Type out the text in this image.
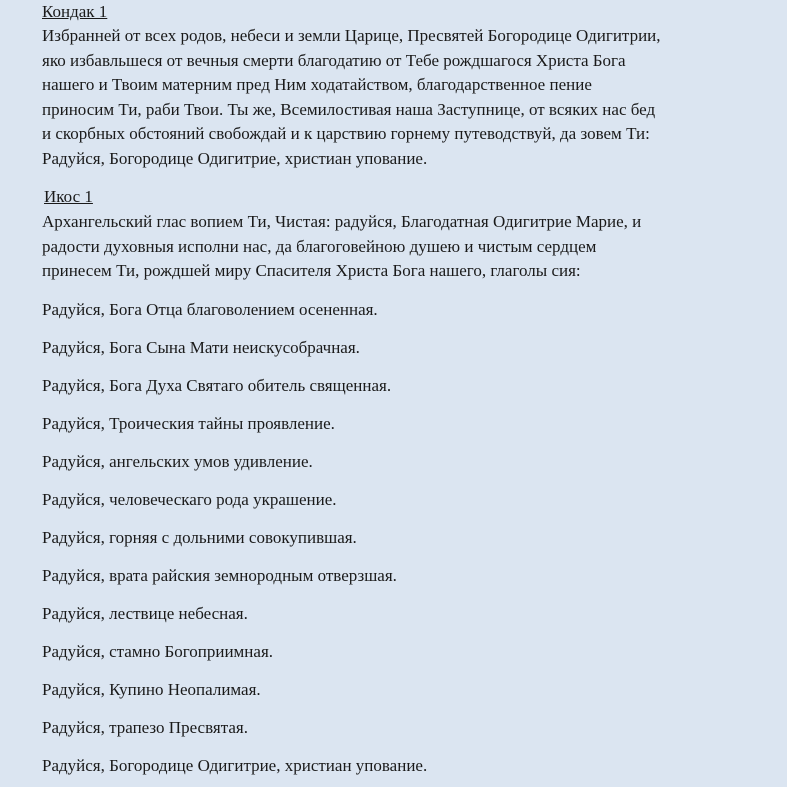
Кондак 1
Избранней от всех родов, небеси и земли Царице, Пресвятей Богородице Одигитрии,
яко избавльшеся от вечныя смерти благодатию от Тебе рождшагося Христа Бога
нашего и Твоим матерним пред Ним ходатайством, благодарственное пение
приносим Ти, раби Твои. Ты же, Всемилостивая наша Заступнице, от всяких нас бед
и скорбных обстояний свобождай и к царствию горнему путеводствуй, да зовем Ти:
Радуйся, Богородице Одигитрие, христиан упование.
Икос 1
Архангельский глас вопием Ти, Чистая: радуйся, Благодатная Одигитрие Марие, и
радости духовныя исполни нас, да благоговейною душею и чистым сердцем
принесем Ти, рождшей миру Спасителя Христа Бога нашего, глаголы сия:
Радуйся, Бога Отца благоволением осененная.
Радуйся, Бога Сына Мати неискусобрачная.
Радуйся, Бога Духа Святаго обитель священная.
Радуйся, Троическия тайны проявление.
Радуйся, ангельских умов удивление.
Радуйся, человеческаго рода украшение.
Радуйся, горняя с дольними совокупившая.
Радуйся, врата райския земнородным отверзшая.
Радуйся, лествице небесная.
Радуйся, стамно Богоприимная.
Радуйся, Купино Неопалимая.
Радуйся, трапезо Пресвятая.
Радуйся, Богородице Одигитрие, христиан упование.
